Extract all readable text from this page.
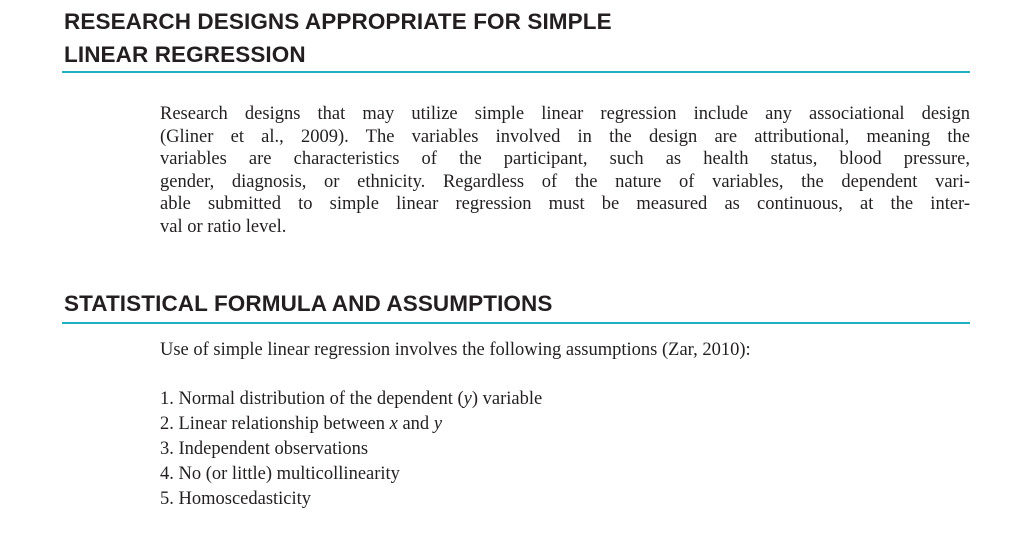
RESEARCH DESIGNS APPROPRIATE FOR SIMPLE
LINEAR REGRESSION
Research designs that may utilize simple linear regression include any associational design
(Gliner et al., 2009). The variables involved in the design are attributional, meaning the
variables are characteristics of the participant, such as health status, blood pressure,
gender, diagnosis, or ethnicity. Regardless of the nature of variables, the dependent vari-
able submitted to simple linear regression must be measured as continuous, at the inter-
val or ratio level.
STATISTICAL FORMULA AND ASSUMPTIONS
Use of simple linear regression involves the following assumptions (Zar, 2010):
1. Normal distribution of the dependent (y) variable
2. Linear relationship between x and y
3. Independent observations
4. No (or little) multicollinearity
5. Homoscedasticity
